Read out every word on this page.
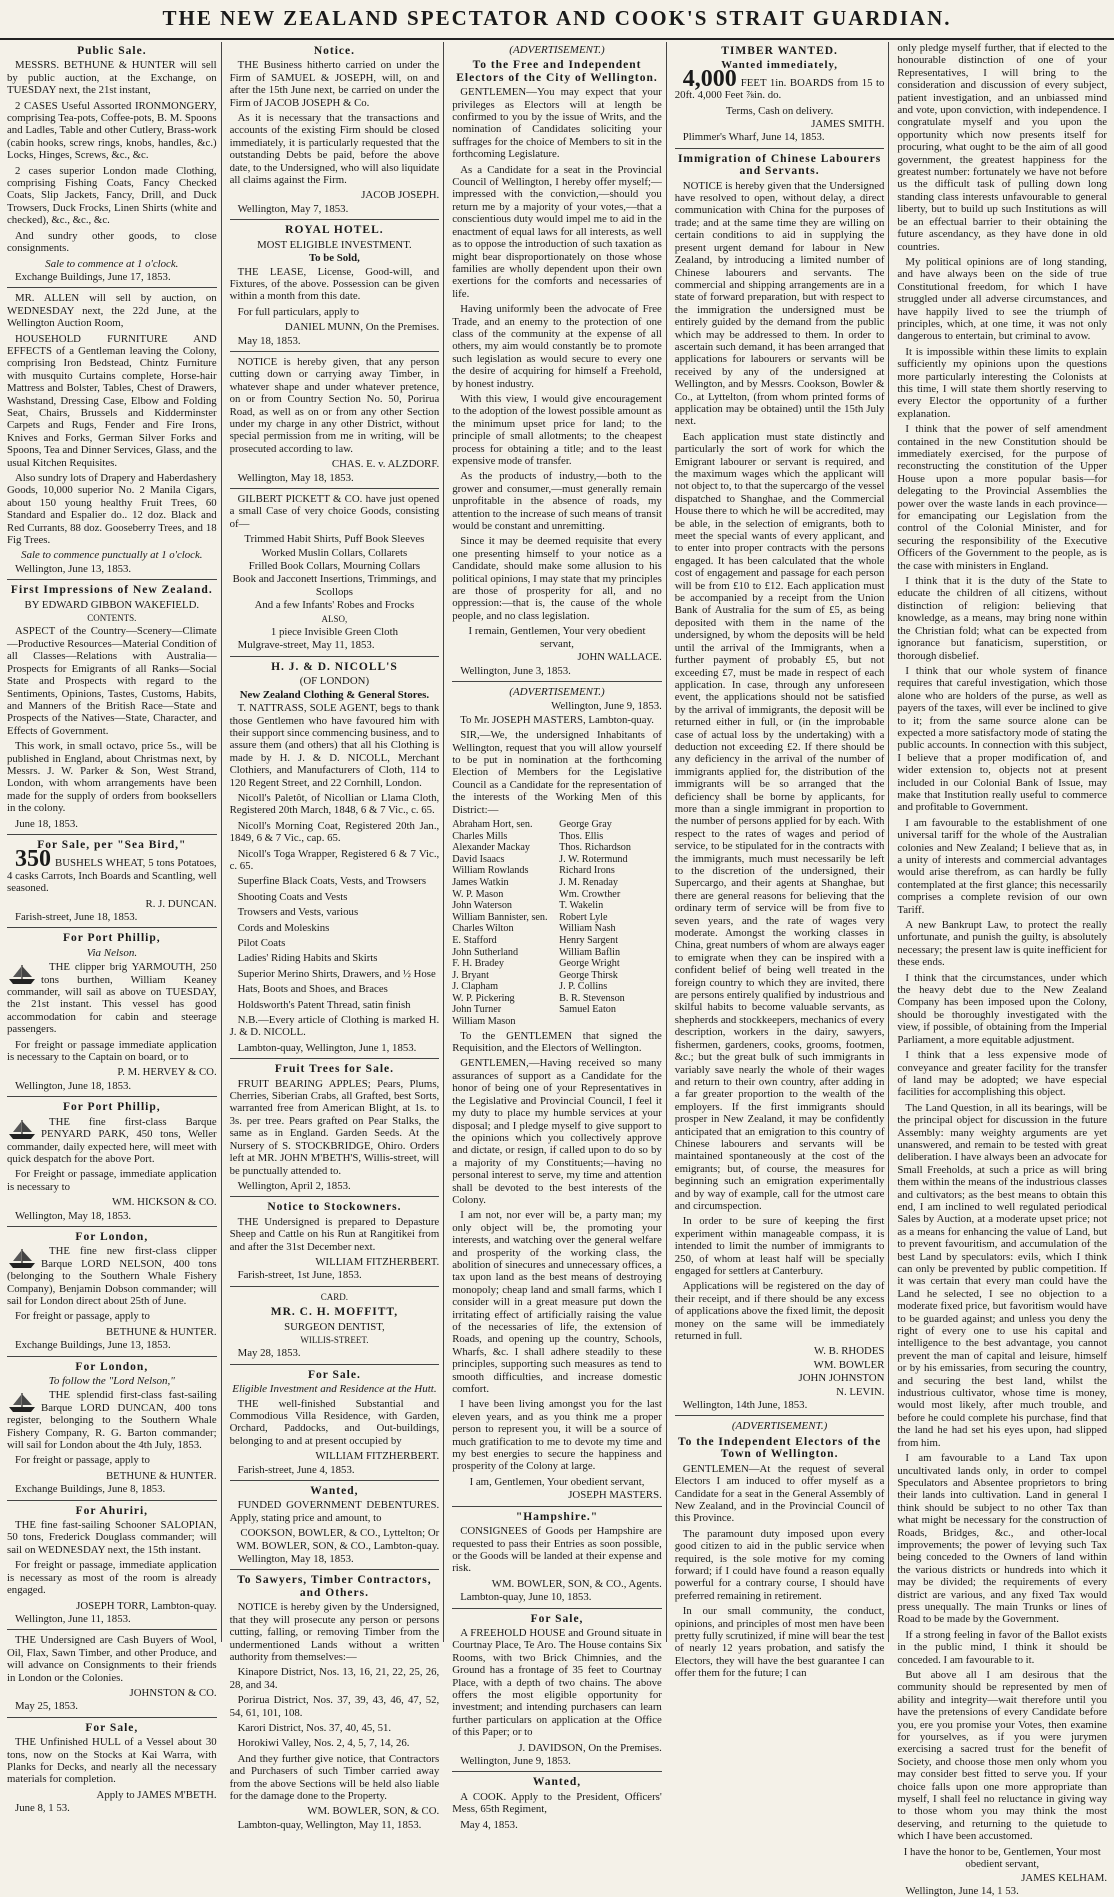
THE NEW ZEALAND SPECTATOR AND COOK'S STRAIT GUARDIAN.
Public Sale.

MESSRS. BETHUNE & HUNTER will sell by public auction, at the Exchange, on TUESDAY next, the 21st instant,

2 CASES Useful Assorted IRONMONGERY, comprising Tea-pots, Coffee-pots, B. M. Spoons and Ladles, Table and other Cutlery, Brass-work (cabin hooks, screw rings, knobs, handles, &c.) Locks, Hinges, Screws, &c., &c.

2 cases superior London made Clothing, comprising Fishing Coats, Fancy Checked Coats, Slip Jackets, Fancy, Drill, and Duck Trowsers, Duck Frocks, Linen Shirts (white and checked), &c., &c., &c.

And sundry other goods, to close consignments.

Sale to commence at 1 o'clock.

Exchange Buildings, June 17, 1853.

MR. ALLEN will sell by auction, on WEDNESDAY next, the 22d June, at the Wellington Auction Room,

HOUSEHOLD FURNITURE AND EFFECTS of a Gentleman leaving the Colony, comprising Iron Bedstead, Chintz Furniture with musquito Curtains complete, Horse-hair Mattress and Bolster, Tables, Chest of Drawers, Washstand, Dressing Case, Elbow and Folding Seat, Chairs, Brussels and Kidderminster Carpets and Rugs, Fender and Fire Irons, Knives and Forks, German Silver Forks and Spoons, Tea and Dinner Services, Glass, and the usual Kitchen Requisites.

Also sundry lots of Drapery and Haberdashery Goods, 10,000 superior No. 2 Manila Cigars, about 150 young healthy Fruit Trees, 60 Standard and Espalier do.. 12 doz. Black and Red Currants, 88 doz. Gooseberry Trees, and 18 Fig Trees.

Sale to commence punctually at 1 o'clock.

Wellington, June 13, 1853.

First Impressions of New Zealand.

BY EDWARD GIBBON WAKEFIELD.

CONTENTS.

ASPECT of the Country—Scenery—Climate—Productive Resources—Material Condition of all Classes—Relations with Australia—Prospects for Emigrants of all Ranks—Social State and Prospects with regard to the Sentiments, Opinions, Tastes, Customs, Habits, and Manners of the British Race—State and Prospects of the Natives—State, Character, and Effects of Government.

This work, in small octavo, price 5s., will be published in England, about Christmas next, by Messrs. J. W. Parker & Son, West Strand, London, with whom arrangements have been made for the supply of orders from booksellers in the colony.

June 18, 1853.

For Sale, per "Sea Bird,"

350 BUSHELS WHEAT, 5 tons Potatoes, 4 casks Carrots, Inch Boards and Scantling, well seasoned.

R. J. DUNCAN.

Farish-street, June 18, 1853.

For Port Phillip,
Via Nelson.

THE clipper brig YARMOUTH, 250 tons burthen, William Keaney commander, will sail as above on TUESDAY, the 21st instant. This vessel has good accommodation for cabin and steerage passengers.

For freight or passage immediate application is necessary to the Captain on board, or to

P. M. HERVEY & CO.

Wellington, June 18, 1853.

For Port Phillip,

THE fine first-class Barque PENYARD PARK, 450 tons, Weller commander, daily expected here, will meet with quick despatch for the above Port.

For Freight or passage, immediate application is necessary to

WM. HICKSON & CO.

Wellington, May 18, 1853.

For London,

THE fine new first-class clipper Barque LORD NELSON, 400 tons (belonging to the Southern Whale Fishery Company), Benjamin Dobson commander; will sail for London direct about 25th of June.

For freight or passage, apply to

BETHUNE & HUNTER.

Exchange Buildings, June 13, 1853.

For London,
To follow the "Lord Nelson,"

THE splendid first-class fast-sailing Barque LORD DUNCAN, 400 tons register, belonging to the Southern Whale Fishery Company, R. G. Barton commander; will sail for London about the 4th July, 1853.

For freight or passage, apply to

BETHUNE & HUNTER.

Exchange Buildings, June 8, 1853.

For Ahuriri,

THE fine fast-sailing Schooner SALOPIAN, 50 tons, Frederick Douglass commander; will sail on WEDNESDAY next, the 15th instant.

For freight or passage, immediate application is necessary as most of the room is already engaged.

JOSEPH TORR, Lambton-quay.

Wellington, June 11, 1853.

THE Undersigned are Cash Buyers of Wool, Oil, Flax, Sawn Timber, and other Produce, and will advance on Consignments to their friends in London or the Colonies.

JOHNSTON & CO.

May 25, 1853.

For Sale,

THE Unfinished HULL of a Vessel about 30 tons, now on the Stocks at Kai Warra, with Planks for Decks, and nearly all the necessary materials for completion.

Apply to JAMES M'BETH.

June 8, 1 53.

Notice.

THE Business hitherto carried on under the Firm of SAMUEL & JOSEPH, will, on and after the 15th June next, be carried on under the Firm of JACOB JOSEPH & Co.

As it is necessary that the transactions and accounts of the existing Firm should be closed immediately, it is particularly requested that the outstanding Debts be paid, before the above date, to the Undersigned, who will also liquidate all claims against the Firm.

JACOB JOSEPH.

Wellington, May 7, 1853.

ROYAL HOTEL.

MOST ELIGIBLE INVESTMENT.

To be Sold,

THE LEASE, License, Good-will, and Fixtures, of the above. Possession can be given within a month from this date.

For full particulars, apply to

DANIEL MUNN, On the Premises.

May 18, 1853.

NOTICE is hereby given, that any person cutting down or carrying away Timber, in whatever shape and under whatever pretence, on or from Country Section No. 50, Porirua Road, as well as on or from any other Section under my charge in any other District, without special permission from me in writing, will be prosecuted according to law.

CHAS. E. v. ALZDORF.

Wellington, May 18, 1853.

GILBERT PICKETT & CO. have just opened a small Case of very choice Goods, consisting of—

Trimmed Habit Shirts, Puff Book Sleeves

Worked Muslin Collars, Collarets

Frilled Book Collars, Mourning Collars

Book and Jacconett Insertions, Trimmings, and Scollops

And a few Infants' Robes and Frocks

ALSO,

1 piece Invisible Green Cloth

Mulgrave-street, May 11, 1853.

H. J. & D. NICOLL'S

(OF LONDON)

New Zealand Clothing & General Stores.

T. NATTRASS, SOLE AGENT, begs to thank those Gentlemen who have favoured him with their support since commencing business, and to assure them (and others) that all his Clothing is made by H. J. & D. NICOLL, Merchant Clothiers, and Manufacturers of Cloth, 114 to 120 Regent Street, and 22 Cornhill, London.

Nicoll's Paletôt, of Nicollian or Llama Cloth, Registered 20th March, 1848, 6 & 7 Vic., c. 65.

Nicoll's Morning Coat, Registered 20th Jan., 1849, 6 & 7 Vic., cap. 65.

Nicoll's Toga Wrapper, Registered 6 & 7 Vic., c. 65.

Superfine Black Coats, Vests, and Trowsers

Shooting Coats and Vests

Trowsers and Vests, various

Cords and Moleskins

Pilot Coats

Ladies' Riding Habits and Skirts

Superior Merino Shirts, Drawers, and ½ Hose

Hats, Boots and Shoes, and Braces

Holdsworth's Patent Thread, satin finish

N.B.—Every article of Clothing is marked H. J. & D. NICOLL.

Lambton-quay, Wellington, June 1, 1853.

Fruit Trees for Sale.

FRUIT BEARING APPLES; Pears, Plums, Cherries, Siberian Crabs, all Grafted, best Sorts, warranted free from American Blight, at 1s. to 3s. per tree. Pears grafted on Pear Stalks, the same as in England. Garden Seeds. At the Nursery of S. STOCKBRIDGE, Ohiro. Orders left at MR. JOHN M'BETH'S, Willis-street, will be punctually attended to.

Wellington, April 2, 1853.

Notice to Stockowners.

THE Undersigned is prepared to Depasture Sheep and Cattle on his Run at Rangitikei from and after the 31st December next.

WILLIAM FITZHERBERT.

Farish-street, 1st June, 1853.

CARD.

MR. C. H. MOFFITT,

SURGEON DENTIST,

WILLIS-STREET.

May 28, 1853.

For Sale.
Eligible Investment and Residence at the Hutt.

THE well-finished Substantial and Commodious Villa Residence, with Garden, Orchard, Paddocks, and Out-buildings, belonging to and at present occupied by

WILLIAM FITZHERBERT.

Farish-street, June 4, 1853.

Wanted,

FUNDED GOVERNMENT DEBENTURES. Apply, stating price and amount, to

COOKSON, BOWLER, & CO., Lyttelton; Or WM. BOWLER, SON, & CO., Lambton-quay.

Wellington, May 18, 1853.

To Sawyers, Timber Contractors, and Others.

NOTICE is hereby given by the Undersigned, that they will prosecute any person or persons cutting, falling, or removing Timber from the undermentioned Lands without a written authority from themselves:—

Kinapore District, Nos. 13, 16, 21, 22, 25, 26, 28, and 34.

Porirua District, Nos. 37, 39, 43, 46, 47, 52, 54, 61, 101, 108.

Karori District, Nos. 37, 40, 45, 51.

Horokiwi Valley, Nos. 2, 4, 5, 7, 14, 26.

And they further give notice, that Contractors and Purchasers of such Timber carried away from the above Sections will be held also liable for the damage done to the Property.

WM. BOWLER, SON, & CO.

Lambton-quay, Wellington, May 11, 1853.

(ADVERTISEMENT.)
To the Free and Independent Electors of the City of Wellington.

GENTLEMEN—You may expect that your privileges as Electors will at length be confirmed to you by the issue of Writs, and the nomination of Candidates soliciting your suffrages for the choice of Members to sit in the forthcoming Legislature.

As a Candidate for a seat in the Provincial Council of Wellington, I hereby offer myself;—impressed with the conviction,—should you return me by a majority of your votes,—that a conscientious duty would impel me to aid in the enactment of equal laws for all interests, as well as to oppose the introduction of such taxation as might bear disproportionately on those whose families are wholly dependent upon their own exertions for the comforts and necessaries of life.

Having uniformly been the advocate of Free Trade, and an enemy to the protection of one class of the community at the expense of all others, my aim would constantly be to promote such legislation as would secure to every one the desire of acquiring for himself a Freehold, by honest industry.

With this view, I would give encouragement to the adoption of the lowest possible amount as the minimum upset price for land; to the principle of small allotments; to the cheapest process for obtaining a title; and to the least expensive mode of transfer.

As the products of industry,—both to the grower and consumer,—must generally remain unprofitable in the absence of roads, my attention to the increase of such means of transit would be constant and unremitting.

Since it may be deemed requisite that every one presenting himself to your notice as a Candidate, should make some allusion to his political opinions, I may state that my principles are those of prosperity for all, and no oppression:—that is, the cause of the whole people, and no class legislation.

I remain, Gentlemen, Your very obedient servant,

JOHN WALLACE.

Wellington, June 3, 1853.

(ADVERTISEMENT.)

Wellington, June 9, 1853.

To Mr. JOSEPH MASTERS, Lambton-quay.

SIR,—We, the undersigned Inhabitants of Wellington, request that you will allow yourself to be put in nomination at the forthcoming Election of Members for the Legislative Council as a Candidate for the representation of the interests of the Working Men of this District:—

Abraham Hort, sen.
Charles Mills
Alexander Mackay
David Isaacs
William Rowlands
James Watkin
W. P. Mason
John Waterson
William Bannister, sen.
Charles Wilton
E. Stafford
John Sutherland
F. H. Bradey
J. Bryant
J. Clapham
W. P. Pickering
John Turner
William Mason
George Gray
Thos. Ellis
Thos. Richardson
J. W. Rotermund
Richard Irons
J. M. Renaday
Wm. Crowther
T. Wakelin
Robert Lyle
William Nash
Henry Sargent
William Baflin
George Wright
George Thirsk
J. P. Collins
B. R. Stevenson
Samuel Eaton

To the GENTLEMEN that signed the Requisition, and the Electors of Wellington.

GENTLEMEN,—Having received so many assurances of support as a Candidate for the honor of being one of your Representatives in the Legislative and Provincial Council, I feel it my duty to place my humble services at your disposal; and I pledge myself to give support to the opinions which you collectively approve and dictate, or resign, if called upon to do so by a majority of my Constituents;—having no personal interest to serve, my time and attention shall be devoted to the best interests of the Colony.

I am not, nor ever will be, a party man; my only object will be, the promoting your interests, and watching over the general welfare and prosperity of the working class, the abolition of sinecures and unnecessary offices, a tax upon land as the best means of destroying monopoly; cheap land and small farms, which I consider will in a great measure put down the irritating effect of artificially raising the value of the necessaries of life, the extension of Roads, and opening up the country, Schools, Wharfs, &c. I shall adhere steadily to these principles, supporting such measures as tend to smooth difficulties, and increase domestic comfort.

I have been living amongst you for the last eleven years, and as you think me a proper person to represent you, it will be a source of much gratification to me to devote my time and my best energies to secure the happiness and prosperity of the Colony at large.

I am, Gentlemen, Your obedient servant,

JOSEPH MASTERS.

"Hampshire."

CONSIGNEES of Goods per Hampshire are requested to pass their Entries as soon possible, or the Goods will be landed at their expense and risk.

WM. BOWLER, SON, & CO., Agents.

Lambton-quay, June 10, 1853.

For Sale,

A FREEHOLD HOUSE and Ground situate in Courtnay Place, Te Aro. The House contains Six Rooms, with two Brick Chimnies, and the Ground has a frontage of 35 feet to Courtnay Place, with a depth of two chains. The above offers the most eligible opportunity for investment; and intending purchasers can learn further particulars on application at the Office of this Paper; or to

J. DAVIDSON, On the Premises.

Wellington, June 9, 1853.

Wanted,

A COOK. Apply to the President, Officers' Mess, 65th Regiment,

May 4, 1853.

TIMBER WANTED.

Wanted immediately,

4,000 FEET 1in. BOARDS from 15 to 20ft. 4,000 Feet ⅞in. do.

Terms, Cash on delivery.

JAMES SMITH.

Plimmer's Wharf, June 14, 1853.

Immigration of Chinese Labourers and Servants.

NOTICE is hereby given that the Undersigned have resolved to open, without delay, a direct communication with China for the purposes of trade; and at the same time they are willing on certain conditions to aid in supplying the present urgent demand for labour in New Zealand, by introducing a limited number of Chinese labourers and servants. The commercial and shipping arrangements are in a state of forward preparation, but with respect to the immigration the undersigned must be entirely guided by the demand from the public which may be addressed to them. In order to ascertain such demand, it has been arranged that applications for labourers or servants will be received by any of the undersigned at Wellington, and by Messrs. Cookson, Bowler & Co., at Lyttelton, (from whom printed forms of application may be obtained) until the 15th July next.

Each application must state distinctly and particularly the sort of work for which the Emigrant labourer or servant is required, and the maximum wages which the applicant will not object to, to that the supercargo of the vessel dispatched to Shanghae, and the Commercial House there to which he will be accredited, may be able, in the selection of emigrants, both to meet the special wants of every applicant, and to enter into proper contracts with the persons engaged. It has been calculated that the whole cost of engagement and passage for each person will be from £10 to £12. Each application must be accompanied by a receipt from the Union Bank of Australia for the sum of £5, as being deposited with them in the name of the undersigned, by whom the deposits will be held until the arrival of the Immigrants, when a further payment of probably £5, but not exceeding £7, must be made in respect of each application. In case, through any unforeseen event, the applications should not be satisfied by the arrival of immigrants, the deposit will be returned either in full, or (in the improbable case of actual loss by the undertaking) with a deduction not exceeding £2. If there should be any deficiency in the arrival of the number of immigrants applied for, the distribution of the immigrants will be so arranged that the deficiency shall be borne by applicants, for more than a single immigrant in proportion to the number of persons applied for by each. With respect to the rates of wages and period of service, to be stipulated for in the contracts with the immigrants, much must necessarily be left to the discretion of the undersigned, their Supercargo, and their agents at Shanghae, but there are general reasons for believing that the ordinary term of service will be from five to seven years, and the rate of wages very moderate. Amongst the working classes in China, great numbers of whom are always eager to emigrate when they can be inspired with a confident belief of being well treated in the foreign country to which they are invited, there are persons entirely qualified by industrious and skilful habits to become valuable servants, as shepherds and stockkeepers, mechanics of every description, workers in the dairy, sawyers, fishermen, gardeners, cooks, grooms, footmen, &c.; but the great bulk of such immigrants in variably save nearly the whole of their wages and return to their own country, after adding in a far greater proportion to the wealth of the employers. If the first immigrants should prosper in New Zealand, it may be confidently anticipated that an emigration to this country of Chinese labourers and servants will be maintained spontaneously at the cost of the emigrants; but, of course, the measures for beginning such an emigration experimentally and by way of example, call for the utmost care and circumspection.

In order to be sure of keeping the first experiment within manageable compass, it is intended to limit the number of immigrants to 250, of whom at least half will be specially engaged for settlers at Canterbury.

Applications will be registered on the day of their receipt, and if there should be any excess of applications above the fixed limit, the deposit money on the same will be immediately returned in full.

W. B. RHODES

WM. BOWLER

JOHN JOHNSTON

N. LEVIN.

Wellington, 14th June, 1853.

(ADVERTISEMENT.)
To the Independent Electors of the Town of Wellington.

GENTLEMEN—At the request of several Electors I am induced to offer myself as a Candidate for a seat in the General Assembly of New Zealand, and in the Provincial Council of this Province.

The paramount duty imposed upon every good citizen to aid in the public service when required, is the sole motive for my coming forward; if I could have found a reason equally powerful for a contrary course, I should have preferred remaining in retirement.

In our small community, the conduct, opinions, and principles of most men have been pretty fully scrutinized, if mine will bear the test of nearly 12 years probation, and satisfy the Electors, they will have the best guarantee I can offer them for the future; I can

only pledge myself further, that if elected to the honourable distinction of one of your Representatives, I will bring to the consideration and discussion of every subject, patient investigation, and an unbiassed mind and vote, upon conviction, with independence. I congratulate myself and you upon the opportunity which now presents itself for procuring, what ought to be the aim of all good government, the greatest happiness for the greatest number: fortunately we have not before us the difficult task of pulling down long standing class interests unfavourable to general liberty, but to build up such Institutions as will be an effectual barrier to their obtaining the future ascendancy, as they have done in old countries.

My political opinions are of long standing, and have always been on the side of true Constitutional freedom, for which I have struggled under all adverse circumstances, and have happily lived to see the triumph of principles, which, at one time, it was not only dangerous to entertain, but criminal to avow.

It is impossible within these limits to explain sufficiently my opinions upon the questions more particularly interesting the Colonists at this time, I will state them shortly reserving to every Elector the opportunity of a further explanation.

I think that the power of self amendment contained in the new Constitution should be immediately exercised, for the purpose of reconstructing the constitution of the Upper House upon a more popular basis—for delegating to the Provincial Assemblies the power over the waste lands in each province—for emancipating our Legislation from the control of the Colonial Minister, and for securing the responsibility of the Executive Officers of the Government to the people, as is the case with ministers in England.

I think that it is the duty of the State to educate the children of all citizens, without distinction of religion: believing that knowledge, as a means, may bring none within the Christian fold; what can be expected from ignorance but fanaticism, superstition, or thorough disbelief.

I think that our whole system of finance requires that careful investigation, which those alone who are holders of the purse, as well as payers of the taxes, will ever be inclined to give to it; from the same source alone can be expected a more satisfactory mode of stating the public accounts. In connection with this subject, I believe that a proper modification of, and wider extension to, objects not at present included in our Colonial Bank of Issue, may make that Institution really useful to commerce and profitable to Government.

I am favourable to the establishment of one universal tariff for the whole of the Australian colonies and New Zealand; I believe that as, in a unity of interests and commercial advantages would arise therefrom, as can hardly be fully contemplated at the first glance; this necessarily comprises a complete revision of our own Tariff.

A new Bankrupt Law, to protect the really unfortunate, and punish the guilty, is absolutely necessary; the present law is quite inefficient for these ends.

I think that the circumstances, under which the heavy debt due to the New Zealand Company has been imposed upon the Colony, should be thoroughly investigated with the view, if possible, of obtaining from the Imperial Parliament, a more equitable adjustment.

I think that a less expensive mode of conveyance and greater facility for the transfer of land may be adopted; we have especial facilities for accomplishing this object.

The Land Question, in all its bearings, will be the principal object for discussion in the future Assembly: many weighty arguments are yet unanswered, and remain to be tested with great deliberation. I have always been an advocate for Small Freeholds, at such a price as will bring them within the means of the industrious classes and cultivators; as the best means to obtain this end, I am inclined to well regulated periodical Sales by Auction, at a moderate upset price; not as a means for enhancing the value of Land, but to prevent favouritism, and accumulation of the best Land by speculators: evils, which I think can only be prevented by public competition. If it was certain that every man could have the Land he selected, I see no objection to a moderate fixed price, but favoritism would have to be guarded against; and unless you deny the right of every one to use his capital and intelligence to the best advantage, you cannot prevent the man of capital and leisure, himself or by his emissaries, from securing the country, and securing the best land, whilst the industrious cultivator, whose time is money, would most likely, after much trouble, and before he could complete his purchase, find that the land he had set his eyes upon, had slipped from him.

I am favourable to a Land Tax upon uncultivated lands only, in order to compel Speculators and Absentee proprietors to bring their lands into cultivation. Land in general I think should be subject to no other Tax than what might be necessary for the construction of Roads, Bridges, &c., and other-local improvements; the power of levying such Tax being conceded to the Owners of land within the various districts or hundreds into which it may be divided; the requirements of every district are various, and any fixed Tax would press unequally. The main Trunks or lines of Road to be made by the Government.

If a strong feeling in favor of the Ballot exists in the public mind, I think it should be conceded. I am favourable to it.

But above all I am desirous that the community should be represented by men of ability and integrity—wait therefore until you have the pretensions of every Candidate before you, ere you promise your Votes, then examine for yourselves, as if you were jurymen exercising a sacred trust for the benefit of Society, and choose those men only whom you may consider best fitted to serve you. If your choice falls upon one more appropriate than myself, I shall feel no reluctance in giving way to those whom you may think the most deserving, and returning to the quietude to which I have been accustomed.

I have the honor to be, Gentlemen, Your most obedient servant,

JAMES KELHAM.

Wellington, June 14, 1 53.
